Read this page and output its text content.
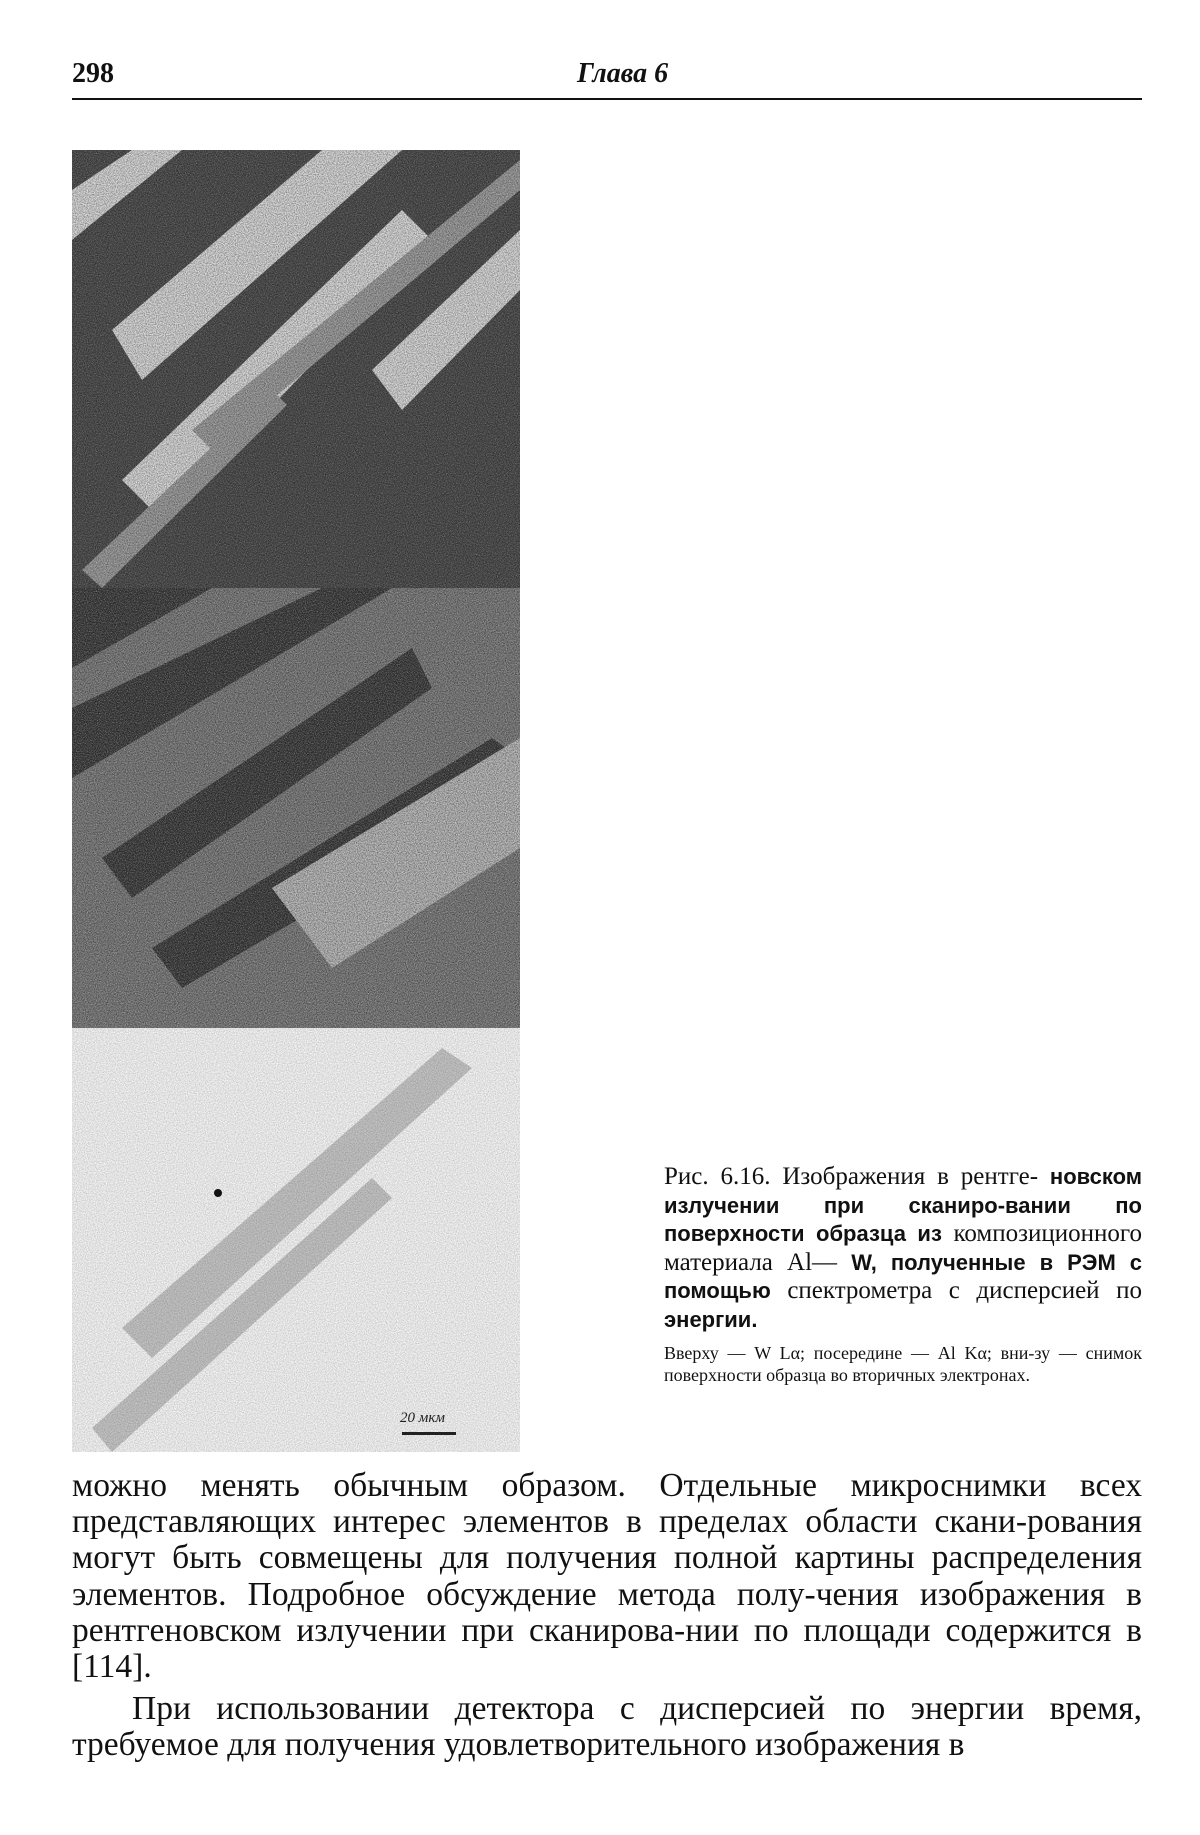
298	Глава 6
20 мкм

Рис. 6.16. Изображения в рентге- новском излучении при сканиро-вании по поверхности образца из композиционного материала Al— W, полученные в РЭМ с помощью спектрометра с дисперсией по энергии.

Вверху — W Lα; посередине — Al Kα; вни-зу — снимок поверхности образца во вторичных электронах.

можно менять обычным образом. Отдельные микроснимки всех представляющих интерес элементов в пределах области скани-рования могут быть совмещены для получения полной картины распределения элементов. Подробное обсуждение метода полу-чения изображения в рентгеновском излучении при сканирова-нии по площади содержится в [114].

При использовании детектора с дисперсией по энергии время, требуемое для получения удовлетворительного изображения в
